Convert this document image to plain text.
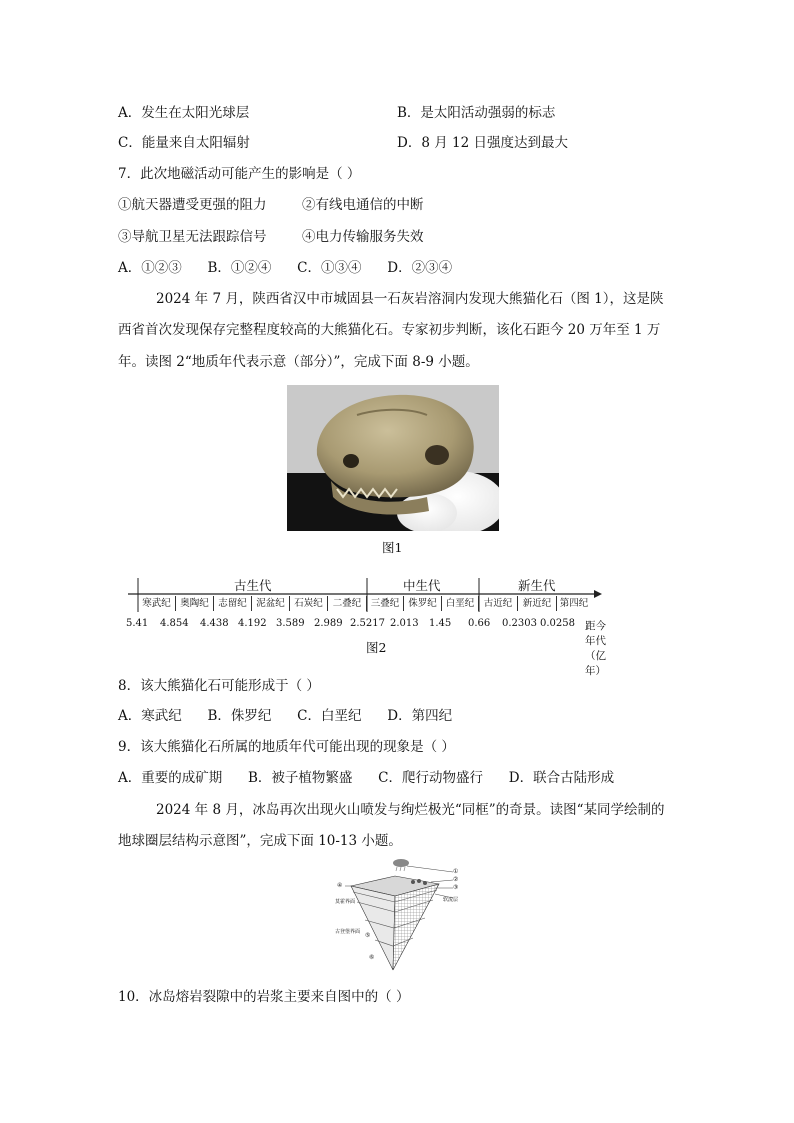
A．发生在太阳光球层	B．是太阳活动强弱的标志
C．能量来自太阳辐射	D．8 月 12 日强度达到最大
7．此次地磁活动可能产生的影响是（ ）
①航天器遭受更强的阻力	②有线电通信的中断
③导航卫星无法跟踪信号	④电力传输服务失效
A．①②③      B．①②④      C．①③④      D．②③④
2024 年 7 月，陕西省汉中市城固县一石灰岩溶洞内发现大熊猫化石（图 1），这是陕
西省首次发现保存完整程度较高的大熊猫化石。专家初步判断，该化石距今 20 万年至 1 万
年。读图 2“地质年代表示意（部分）”，完成下面 8-9 小题。
图1
古生代	中生代	新生代
寒武纪 奥陶纪 志留纪 泥盆纪 石炭纪	二叠纪 三叠纪 侏罗纪 白垩纪 古近纪	新近纪 第四纪
5.41 4.854 4.438 4.192 3.589 2.989 2.5217 2.013 1.45 0.66 0.2303 0.0258 距今年代（亿年）
图2
8．该大熊猫化石可能形成于（ ）
A．寒武纪      B．侏罗纪      C．白垩纪      D．第四纪
9．该大熊猫化石所属的地质年代可能出现的现象是（ ）
A．重要的成矿期      B．被子植物繁盛      C．爬行动物盛行      D．联合古陆形成
2024 年 8 月，冰岛再次出现火山喷发与绚烂极光“同框”的奇景。读图“某同学绘制的
地球圈层结构示意图”，完成下面 10-13 小题。
①
②
③
④
⑤
⑥
莫霍界面
古登堡界面
软流层
10．冰岛熔岩裂隙中的岩浆主要来自图中的（ ）
